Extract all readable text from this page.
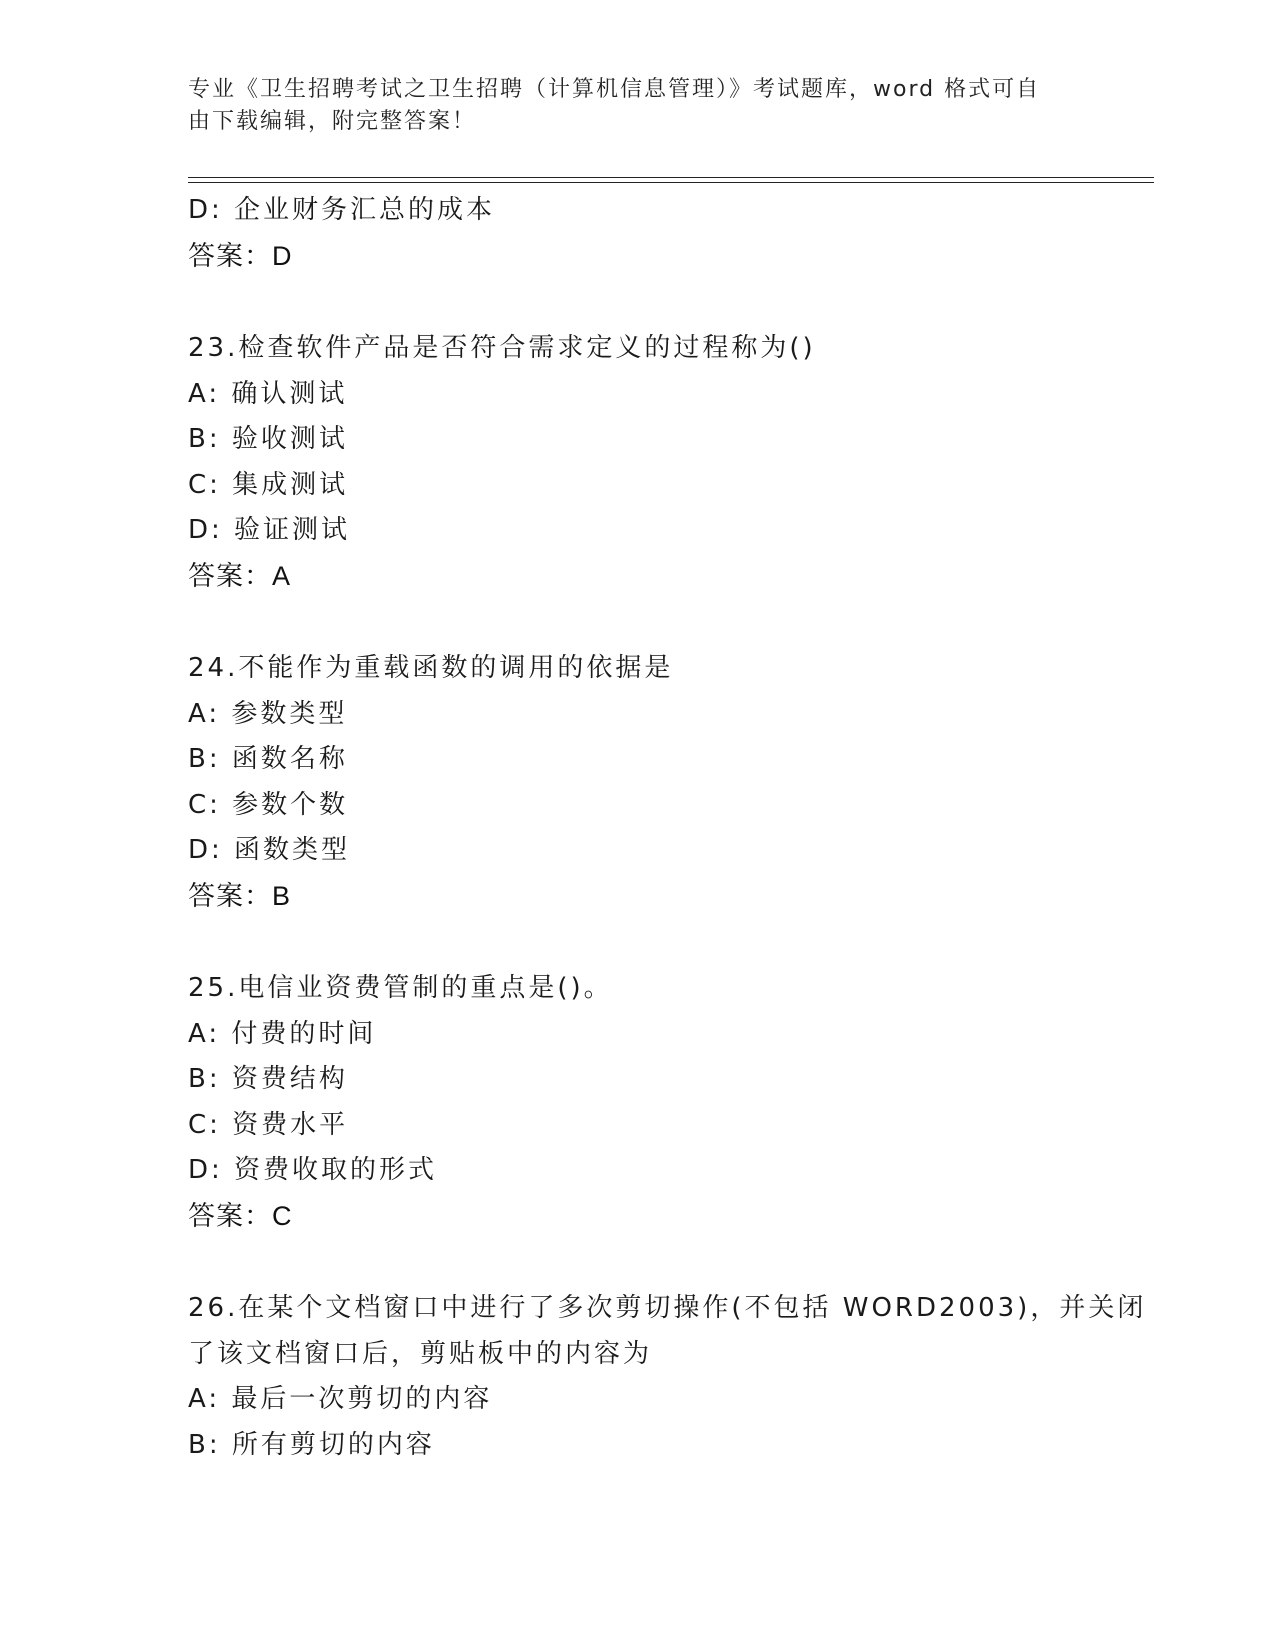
专业《卫生招聘考试之卫生招聘（计算机信息管理）》考试题库，word 格式可自
由下载编辑，附完整答案！
D: 企业财务汇总的成本
答案：D
23.检查软件产品是否符合需求定义的过程称为()
A: 确认测试
B: 验收测试
C: 集成测试
D: 验证测试
答案：A
24.不能作为重载函数的调用的依据是
A: 参数类型
B: 函数名称
C: 参数个数
D: 函数类型
答案：B
25.电信业资费管制的重点是()。
A: 付费的时间
B: 资费结构
C: 资费水平
D: 资费收取的形式
答案：C
26.在某个文档窗口中进行了多次剪切操作(不包括 WORD2003)，并关闭
了该文档窗口后，剪贴板中的内容为
A: 最后一次剪切的内容
B: 所有剪切的内容
